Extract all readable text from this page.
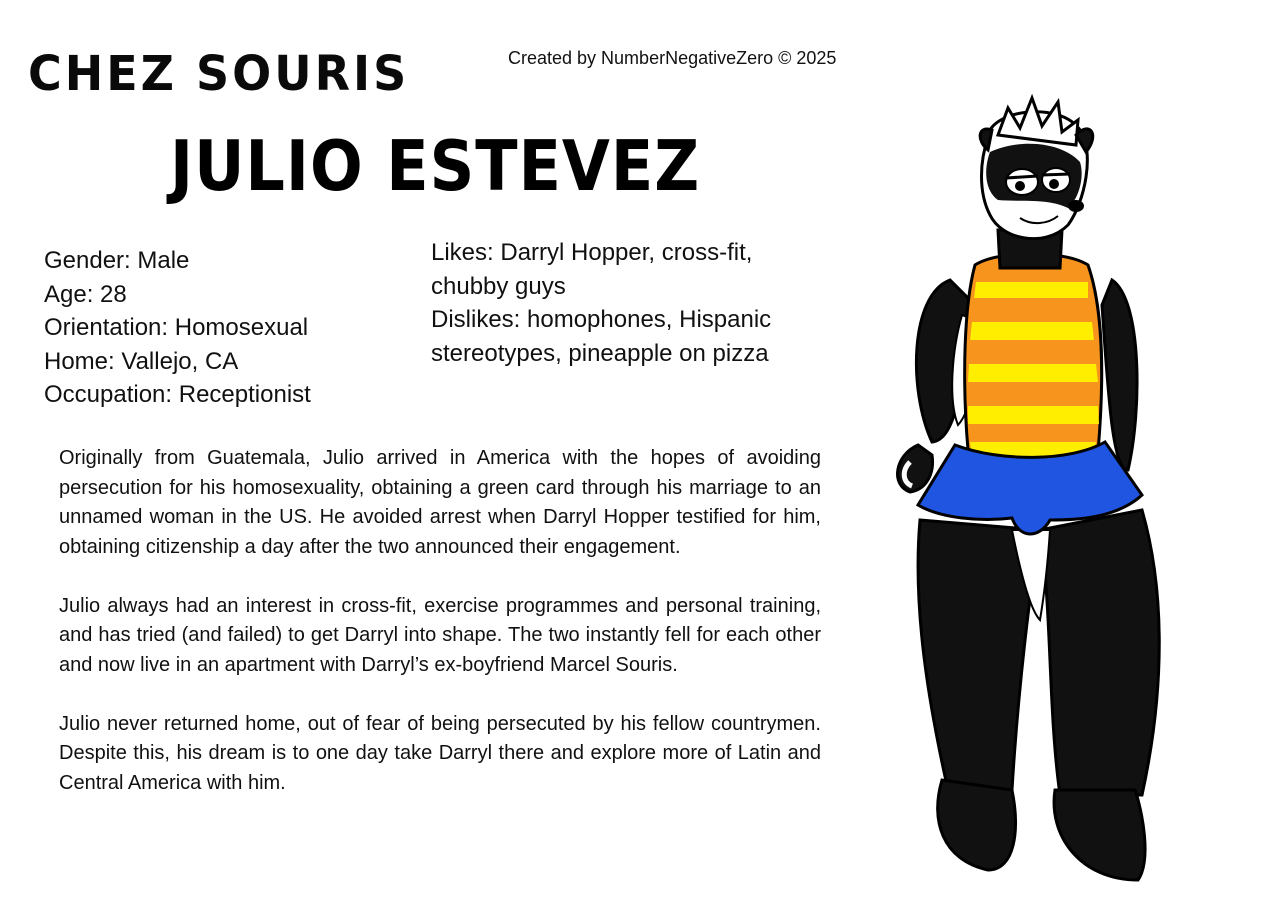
CHEZ SOURIS	Created by NumberNegativeZero © 2025
JULIO ESTEVEZ
Gender: Male
Age: 28
Orientation: Homosexual
Home: Vallejo, CA
Occupation: Receptionist

Likes: Darryl Hopper, cross-fit, chubby guys

Dislikes: homophones, Hispanic stereotypes, pineapple on pizza

Originally from Guatemala, Julio arrived in America with the hopes of avoiding persecution for his homosexuality, obtaining a green card through his marriage to an unnamed woman in the US. He avoided arrest when Darryl Hopper testified for him, obtaining citizenship a day after the two announced their engagement.

Julio always had an interest in cross-fit, exercise programmes and personal training, and has tried (and failed) to get Darryl into shape. The two instantly fell for each other and now live in an apartment with Darryl’s ex-boyfriend Marcel Souris.

Julio never returned home, out of fear of being persecuted by his fellow countrymen. Despite this, his dream is to one day take Darryl there and explore more of Latin and Central America with him.
